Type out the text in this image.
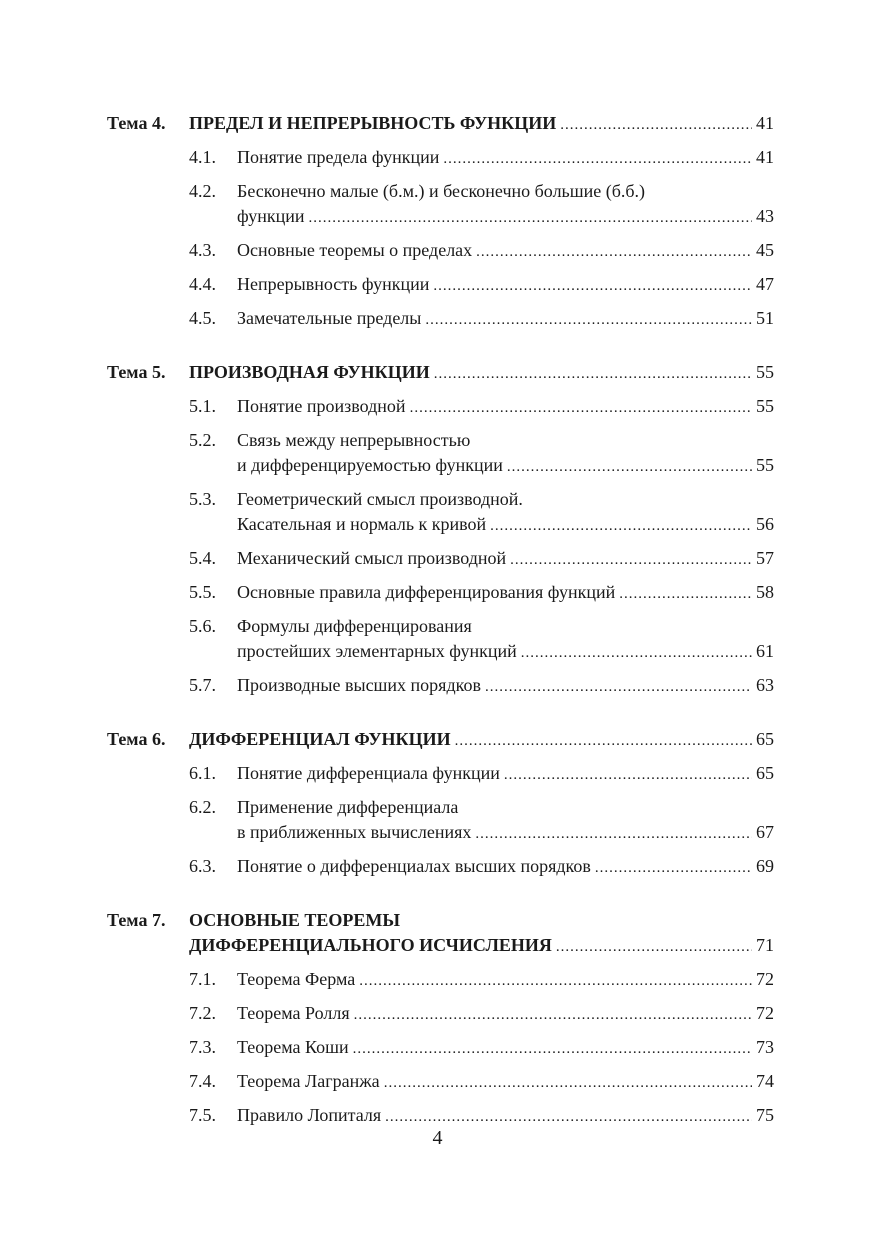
Тема 4. ПРЕДЕЛ И НЕПРЕРЫВНОСТЬ ФУНКЦИИ .....	41
4.1. Понятие предела функции .....	41
4.2. Бесконечно малые (б.м.) и бесконечно большие (б.б.)
функции .....	43
4.3. Основные теоремы о пределах .....	45
4.4. Непрерывность функции .....	47
4.5. Замечательные пределы .....	51
Тема 5. ПРОИЗВОДНАЯ ФУНКЦИИ .....	55
5.1. Понятие производной .....	55
5.2. Связь между непрерывностью
и дифференцируемостью функции .....	55
5.3. Геометрический смысл производной.
Касательная и нормаль к кривой .....	56
5.4. Механический смысл производной .....	57
5.5. Основные правила дифференцирования функций .....	58
5.6. Формулы дифференцирования
простейших элементарных функций .....	61
5.7. Производные высших порядков .....	63
Тема 6. ДИФФЕРЕНЦИАЛ ФУНКЦИИ .....	65
6.1. Понятие дифференциала функции .....	65
6.2. Применение дифференциала
в приближенных вычислениях .....	67
6.3. Понятие о дифференциалах высших порядков .....	69
Тема 7. ОСНОВНЫЕ ТЕОРЕМЫ
ДИФФЕРЕНЦИАЛЬНОГО ИСЧИСЛЕНИЯ .....	71
7.1. Теорема Ферма .....	72
7.2. Теорема Ролля .....	72
7.3. Теорема Коши .....	73
7.4. Теорема Лагранжа .....	74
7.5. Правило Лопиталя .....	75
4
